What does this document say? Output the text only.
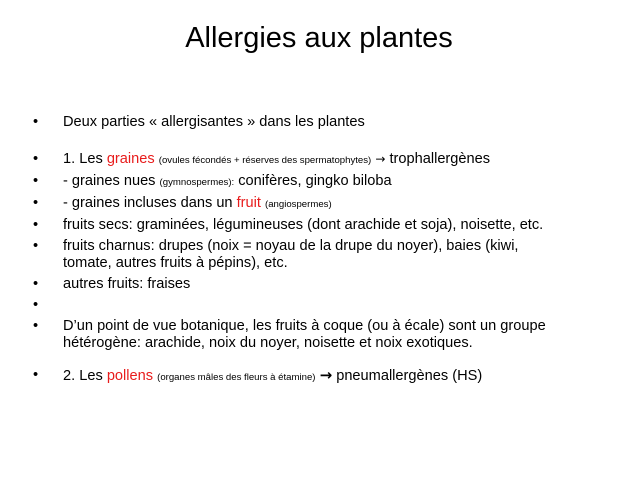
Allergies aux plantes
• Deux parties « allergisantes » dans les plantes
• 1. Les graines (ovules fécondés + réserves des spermatophytes) → trophallergènes
• - graines nues (gymnospermes): conifères, gingko biloba
• - graines incluses dans un fruit (angiospermes)
• fruits secs: graminées, légumineuses (dont arachide et soja), noisette, etc.
• fruits charnus: drupes (noix = noyau de la drupe du noyer), baies (kiwi,
tomate, autres fruits à pépins), etc.
• autres fruits: fraises
•
• D’un point de vue botanique, les fruits à coque (ou à écale) sont un groupe
hétérogène: arachide, noix du noyer, noisette et noix exotiques.
• 2. Les pollens (organes mâles des fleurs à étamine) → pneumallergènes (HS)
